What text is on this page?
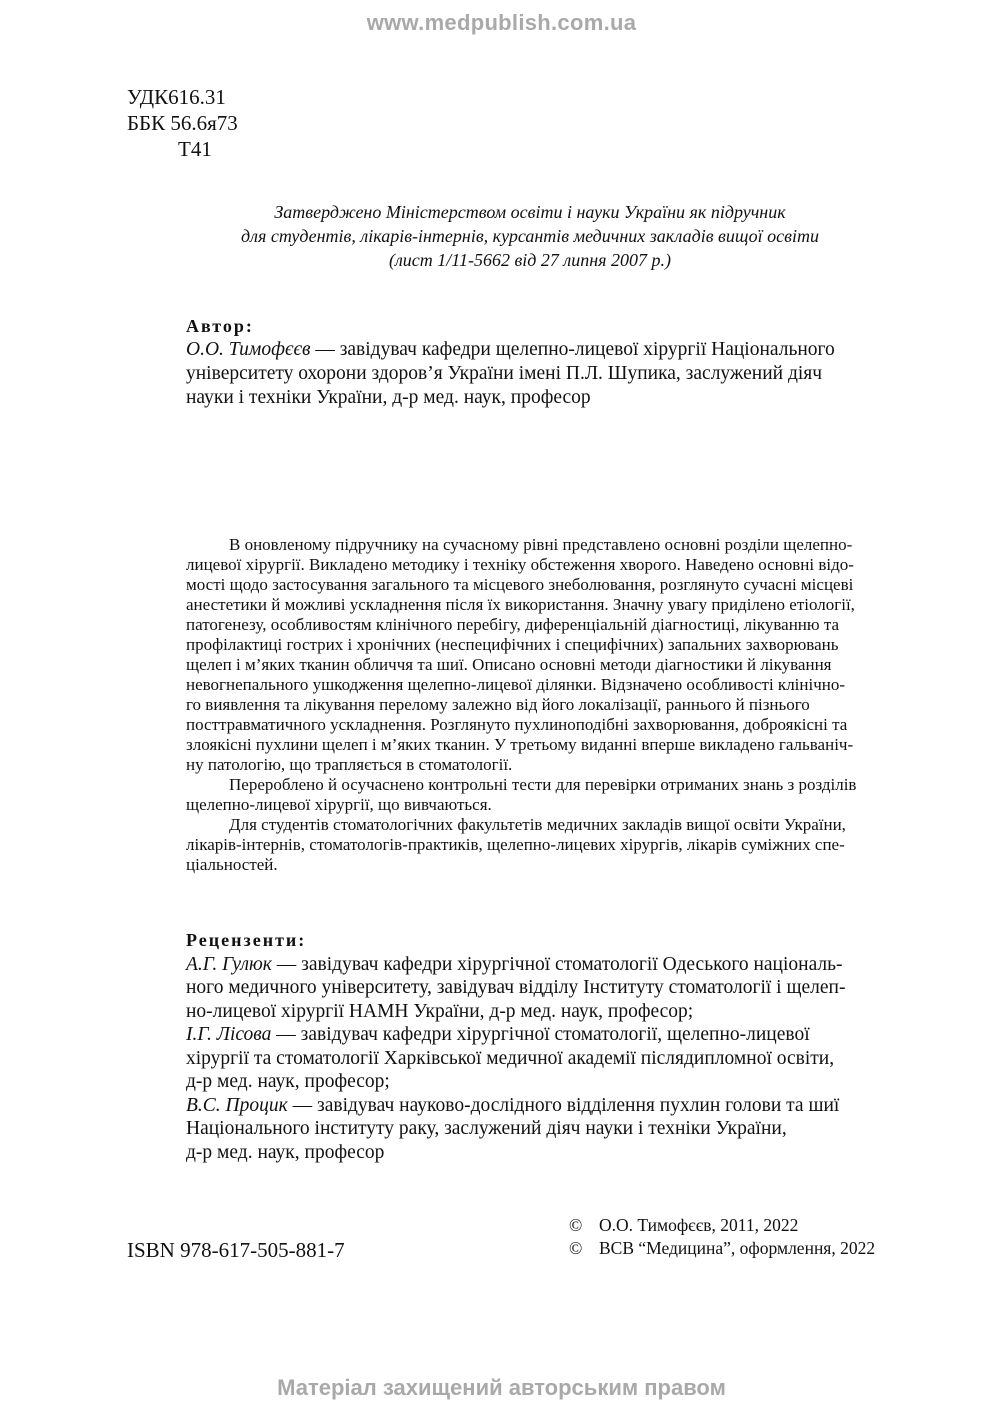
www.medpublish.com.ua
УДК616.31
ББК 56.6я73
Т41
Затверджено Міністерством освіти і науки України як підручник
для студентів, лікарів-інтернів, курсантів медичних закладів вищої освіти
(лист 1/11-5662 від 27 липня 2007 р.)
Автор:
О.О. Тимофєєв — завідувач кафедри щелепно-лицевої хірургії Національного
університету охорони здоров’я України імені П.Л. Шупика, заслужений діяч
науки і техніки України, д-р мед. наук, професор
В оновленому підручнику на сучасному рівні представлено основні розділи щелепно-
лицевої хірургії. Викладено методику і техніку обстеження хворого. Наведено основні відо-
мості щодо застосування загального та місцевого знеболювання, розглянуто сучасні місцеві
анестетики й можливі ускладнення після їх використання. Значну увагу приділено етіології,
патогенезу, особливостям клінічного перебігу, диференціальній діагностиці, лікуванню та
профілактиці гострих і хронічних (неспецифічних і специфічних) запальних захворювань
щелеп і м’яких тканин обличчя та шиї. Описано основні методи діагностики й лікування
невогнепального ушкодження щелепно-лицевої ділянки. Відзначено особливості клінічно-
го виявлення та лікування перелому залежно від його локалізації, раннього й пізнього
посттравматичного ускладнення. Розглянуто пухлиноподібні захворювання, доброякісні та
злоякісні пухлини щелеп і м’яких тканин. У третьому виданні вперше викладено гальваніч-
ну патологію, що трапляється в стоматології.
Перероблено й осучаснено контрольні тести для перевірки отриманих знань з розділів
щелепно-лицевої хірургії, що вивчаються.
Для студентів стоматологічних факультетів медичних закладів вищої освіти України,
лікарів-інтернів, стоматологів-практиків, щелепно-лицевих хірургів, лікарів суміжних спе-
ціальностей.
Рецензенти:
А.Г. Гулюк — завідувач кафедри хірургічної стоматології Одеського національ-
ного медичного університету, завідувач відділу Інституту стоматології і щелеп-
но-лицевої хірургії НАМН України, д-р мед. наук, професор;
І.Г. Лісова — завідувач кафедри хірургічної стоматології, щелепно-лицевої
хірургії та стоматології Харківської медичної академії післядипломної освіти,
д-р мед. наук, професор;
В.С. Процик — завідувач науково-дослідного відділення пухлин голови та шиї
Національного інституту раку, заслужений діяч науки і техніки України,
д-р мед. наук, професор
© О.О. Тимофєєв, 2011, 2022
© ВСВ “Медицина”, оформлення, 2022
ISBN 978-617-505-881-7
Матеріал захищений авторським правом
